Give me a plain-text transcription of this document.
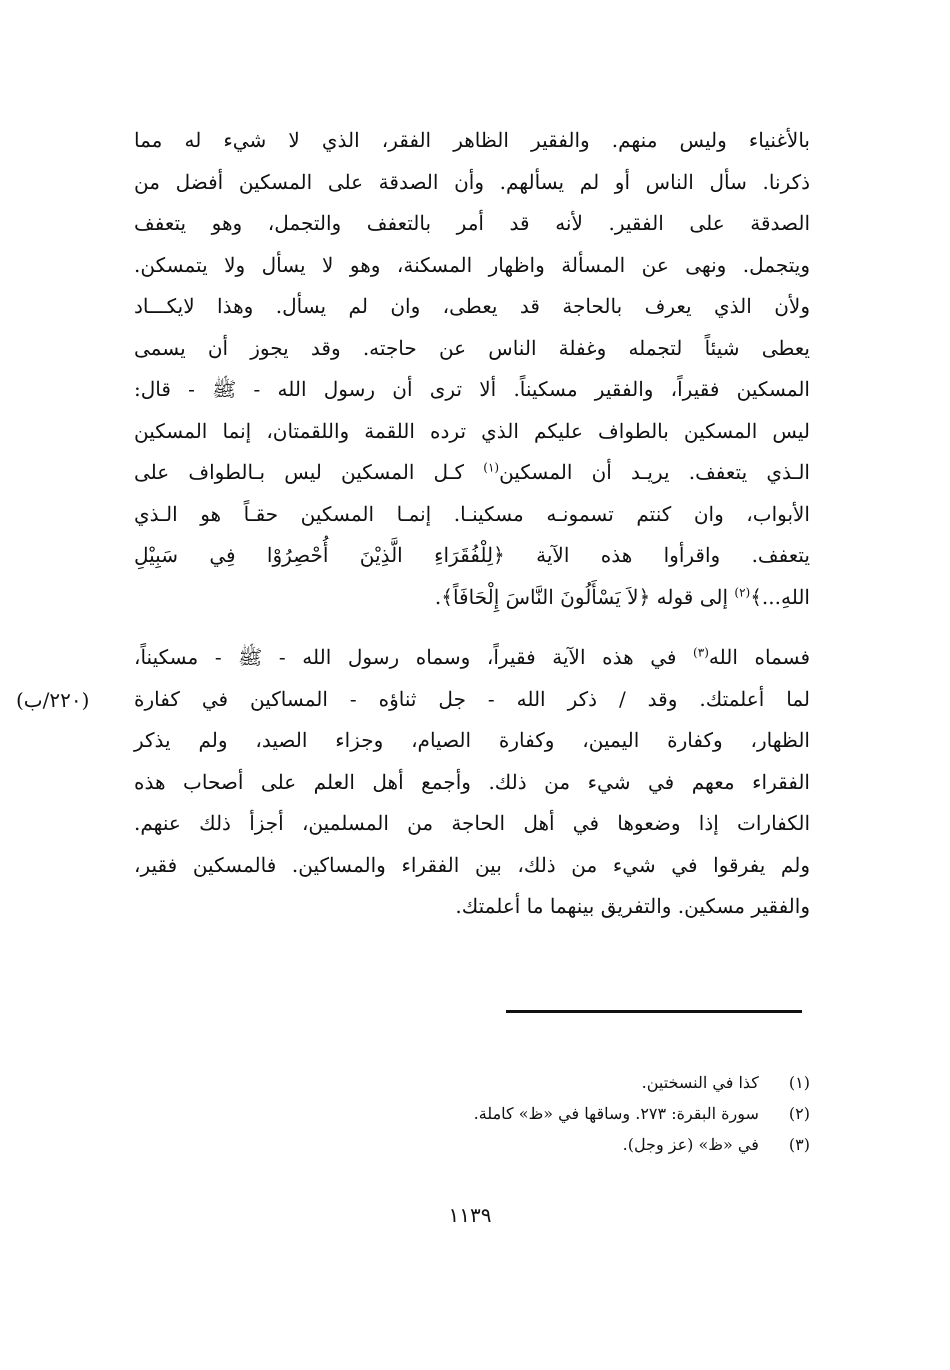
بالأغنياء وليس منهم. والفقير الظاهر الفقر، الذي لا شيء له مما
ذكرنا. سأل الناس أو لم يسألهم. وأن الصدقة على المسكين أفضل من
الصدقة على الفقير. لأنه قد أمر بالتعفف والتجمل، وهو يتعفف
ويتجمل. ونهى عن المسألة واظهار المسكنة، وهو لا يسأل ولا يتمسكن.
ولأن الذي يعرف بالحاجة قد يعطى، وان لم يسأل. وهذا لايكـــاد
يعطى شيئاً لتجمله وغفلة الناس عن حاجته. وقد يجوز أن يسمى
المسكين فقيراً، والفقير مسكيناً. ألا ترى أن رسول الله - ﷺ - قال:
ليس المسكين بالطواف عليكم الذي ترده اللقمة واللقمتان، إنما المسكين
الـذي يتعفف. يريـد أن المسكين$^{(١)}$ كـل المسكين ليس بـالطواف على
الأبواب، وان كنتم تسمونـه مسكينـا. إنمـا المسكين حقـاً هو الـذي
يتعفف. واقرأوا هذه الآية ﴿لِلْفُقَرَاءِ الَّذِيْنَ أُحْصِرُوْا فِي سَبِيْلِ
اللهِ...﴾$^{(٢)}$ إلى قوله ﴿لاَ يَسْأَلُونَ النَّاسَ إِلْحَافَاً﴾.
فسماه الله$^{(٣)}$ في هذه الآية فقيراً، وسماه رسول الله - ﷺ - مسكيناً،
لما أعلمتك. وقد / ذكر الله - جل ثناؤه - المساكين في كفارة
الظهار، وكفارة اليمين، وكفارة الصيام، وجزاء الصيد، ولم يذكر
الفقراء معهم في شيء من ذلك. وأجمع أهل العلم على أصحاب هذه
الكفارات إذا وضعوها في أهل الحاجة من المسلمين، أجزأ ذلك عنهم.
ولم يفرقوا في شيء من ذلك، بين الفقراء والمساكين. فالمسكين فقير،
والفقير مسكين. والتفريق بينهما ما أعلمتك.
(٢٢٠/ب)
(١) كذا في النسختين.
(٢) سورة البقرة: ٢٧٣. وساقها في «ظ» كاملة.
(٣) في «ظ» (عز وجل).
١١٣٩
